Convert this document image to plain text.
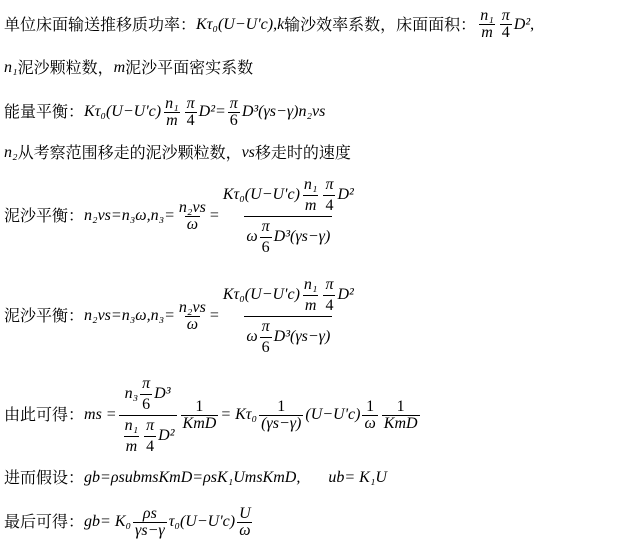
单位床面输送推移质功率： Kτ₀(U−U'c) , k 输沙效率系数，床面面积： $\frac{\text{n₁}}{m} \frac{\pi}{4} D^2$ ,
n₁ 泥沙颗粒数， m 泥沙平面密实系数
能量平衡： $K\tau_0(U-U'c) \frac{\text{n₁}}{m} \frac{\pi}{4} D^2= \frac{\pi}{6} D^3(\gamma s-\gamma)n_2vs$
n₂ 从考察范围移走的泥沙颗粒数， vs 移走时的速度
泥沙平衡： $n_2vs=n_3\omega,n_3= \frac{\text{n₂vs}}{\omega} = \frac{K\tau_0(U-U'c) \frac{\text{n₁}}{m} \frac{\pi}{4} D^2}{\omega \frac{\pi}{6} D^3(\gamma s-\gamma)}$
泥沙平衡： $n_2vs=n_3\omega,n_3= \frac{\text{n₂vs}}{\omega} = \frac{K\tau_0(U-U'c) \frac{\text{n₁}}{m} \frac{\pi}{4} D^2}{\omega \frac{\pi}{6} D^3(\gamma s-\gamma)}$
由此可得： ms = $\frac{n_3 \frac{\pi}{6} D^3}{\frac{\text{n₁}}{m} \frac{\pi}{4} D^2} \frac{1}{\text{KmD}} = K\tau_0 \frac{1}{(\gamma s-\gamma)} (U-U'c) \frac{1}{\omega} \frac{1}{\text{KmD}}$
进而假设： gb=ρsubmsKmD=ρsK₁UmsKmD, ub= K₁U
最后可得： $gb= K_0 \frac{\rho s}{\gamma s-\gamma} \tau_0(U-U'c) \frac{U}{\omega}$
